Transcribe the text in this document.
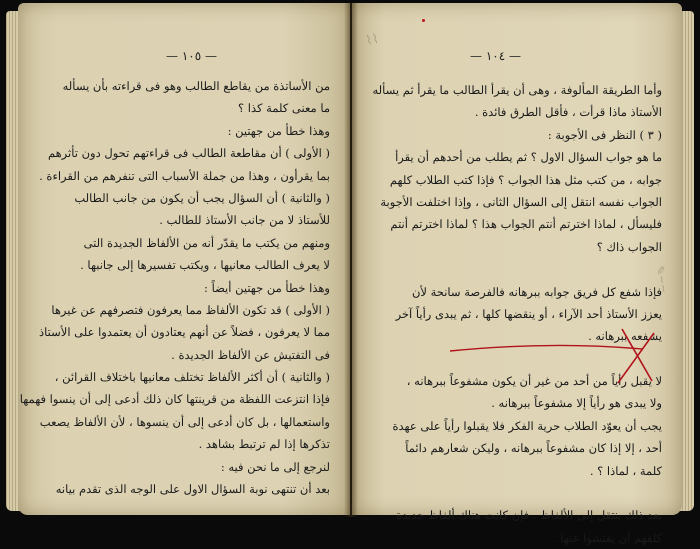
— ١٠٥ —
من الأساتذة من يقاطع الطالب وهو فى قراءته بأن يسأله
ما معنى كلمة كذا ؟
وهذا خطأ من جهتين :
( الأولى ) أن مقاطعة الطالب فى قراءتهم تحول دون تأثرهم
بما يقرأون ، وهذا من جملة الأسباب التى تنفرهم من القراءة .
( والثانية ) أن السؤال يجب أن يكون من جانب الطالب
للأستاذ لا من جانب الأستاذ للطالب .
ومنهم من يكتب ما يقدّر أنه من الألفاظ الجديدة التى
لا يعرف الطالب معانيها ، ويكتب تفسيرها إلى جانبها .
وهذا خطأ من جهتين أيضاً :
( الأولى ) قد تكون الألفاظ مما يعرفون فتصرفهم عن غيرها
مما لا يعرفون ، فضلاً عن أنهم يعتادون أن يعتمدوا على الأستاذ
فى التفتيش عن الألفاظ الجديدة .
( والثانية ) أن أكثر الألفاظ تختلف معانيها باختلاف القرائن ،
فإذا انتزعت اللفظة من قرينتها كان ذلك أدعى إلى أن ينسوا فهمها
واستعمالها ، بل كان أدعى إلى أن ينسوها ، لأن الألفاظ يصعب
تذكرها إذا لم ترتبط بشاهد .
لنرجع إلى ما نحن فيه :
بعد أن تنتهى نوبة السؤال الاول على الوجه الذى تقدم بيانه
— ١٠٤ —
⌇⌇
وأما الطريقة المألوفة ، وهى أن يقرأ الطالب ما يقرأ ثم يسأله
الأستاذ ماذا قرأت ، فأقل الطرق فائدة .
( ٣ ) النظر فى الأجوبة :
ما هو جواب السؤال الاول ؟ ثم يطلب من أحدهم أن يقرأ
جوابه ، من كتب مثل هذا الجواب ؟ فإذا كتب الطلاب كلهم
الجواب نفسه انتقل إلى السؤال الثانى ، وإذا اختلفت الأجوبة
فليسأل ، لماذا اخترتم أنتم الجواب هذا ؟ لماذا اخترتم أنتم
الجواب ذاك ؟
فإذا شفع كل فريق جوابه ببرهانه فالفرصة سانحة لأن
يعزز الأستاذ أحد الآراء ، أو ينقضها كلها ، ثم يبدى رأياً آخر
يشفعه ببرهانه .
لا يقبل رأياً من أحد من غير أن يكون مشفوعاً ببرهانه ،
ولا يبدى هو رأياً إلا مشفوعاً ببرهانه .
يجب أن يعوّد الطلاب حرية الفكر فلا يقبلوا رأياً على عهدة
أحد ، إلا إذا كان مشفوعاً ببرهانه ، وليكن شعارهم دائماً
كلمة ، لماذا ؟ .
بعد ذلك ينتقل إلى الألفاظ . فإن كانت هناك ألفاظ جديدة
كلفهم أن يفتشوا عنها .
✎~~
